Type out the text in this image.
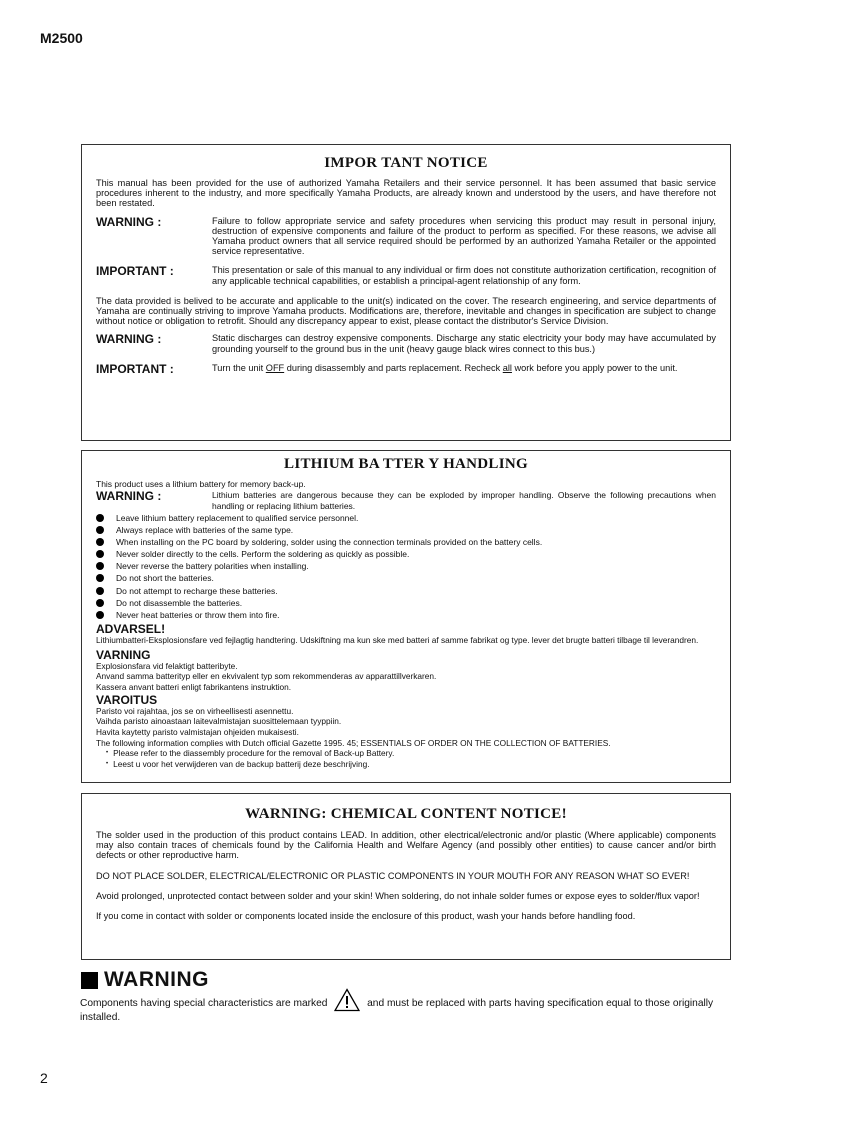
M2500
IMPOR TANT NOTICE

This manual has been provided for the use of authorized Yamaha Retailers and their service personnel. It has been assumed that basic service procedures inherent to the industry, and more specifically Yamaha Products, are already known and understood by the users, and have therefore not been restated.

WARNING :	Failure to follow appropriate service and safety procedures when servicing this product may result in personal injury, destruction of expensive components and failure of the product to perform as specified. For these reasons, we advise all Yamaha product owners that all service required should be performed by an authorized Yamaha Retailer or the appointed service representative.
IMPORTANT :	This presentation or sale of this manual to any individual or firm does not constitute authorization certification, recognition of any applicable technical capabilities, or establish a principal-agent relationship of any form.

The data provided is belived to be accurate and applicable to the unit(s) indicated on the cover. The research engineering, and service departments of Yamaha are continually striving to improve Yamaha products. Modifications are, therefore, inevitable and changes in specification are subject to change without notice or obligation to retrofit. Should any discrepancy appear to exist, please contact the distributor's Service Division.

WARNING :	Static discharges can destroy expensive components. Discharge any static electricity your body may have accumulated by grounding yourself to the ground bus in the unit (heavy gauge black wires connect to this bus.)
IMPORTANT :	Turn the unit OFF during disassembly and parts replacement. Recheck all work before you apply power to the unit.
LITHIUM BA TTER Y HANDLING

This product uses a lithium battery for memory back-up.

WARNING :	Lithium batteries are dangerous because they can be exploded by improper handling. Observe the following precautions when handling or replacing lithium batteries.
Leave lithium battery replacement to qualified service personnel.
Always replace with batteries of the same type.
When installing on the PC board by soldering, solder using the connection terminals provided on the battery cells.
Never solder directly to the cells. Perform the soldering as quickly as possible.
Never reverse the battery polarities when installing.
Do not short the batteries.
Do not attempt to recharge these batteries.
Do not disassemble the batteries.
Never heat batteries or throw them into fire.
ADVARSEL!

Lithiumbatteri-Eksplosionsfare ved fejlagtig handtering. Udskiftning ma kun ske med batteri af samme fabrikat og type. lever det brugte batteri tilbage til leverandren.

VARNING

Explosionsfara vid felaktigt batteribyte.

Anvand samma batterityp eller en ekvivalent typ som rekommenderas av apparattillverkaren.

Kassera anvant batteri enligt fabrikantens instruktion.

VAROITUS

Paristo voi rajahtaa, jos se on virheellisesti asennettu.

Vaihda paristo ainoastaan laitevalmistajan suosittelemaan tyyppiin.

Havita kaytetty paristo valmistajan ohjeiden mukaisesti.

The following information complies with Dutch official Gazette 1995. 45; ESSENTIALS OF ORDER ON THE COLLECTION OF BATTERIES.

• Please refer to the diassembly procedure for the removal of Back-up Battery.
• Leest u voor het verwijderen van de backup batterij deze beschrijving.
WARNING: CHEMICAL CONTENT NOTICE!

The solder used in the production of this product contains LEAD. In addition, other electrical/electronic and/or plastic (Where applicable) components may also contain traces of chemicals found by the California Health and Welfare Agency (and possibly other entities) to cause cancer and/or birth defects or other reproductive harm.

DO NOT PLACE SOLDER, ELECTRICAL/ELECTRONIC OR PLASTIC COMPONENTS IN YOUR MOUTH FOR ANY REASON WHAT SO EVER!

Avoid prolonged, unprotected contact between solder and your skin! When soldering, do not inhale solder fumes or expose eyes to solder/flux vapor!

If you come in contact with solder or components located inside the enclosure of this product, wash your hands before handling food.

WARNING
Components having special characteristics are marked	and must be replaced with parts having specification equal to those originally installed.
2
